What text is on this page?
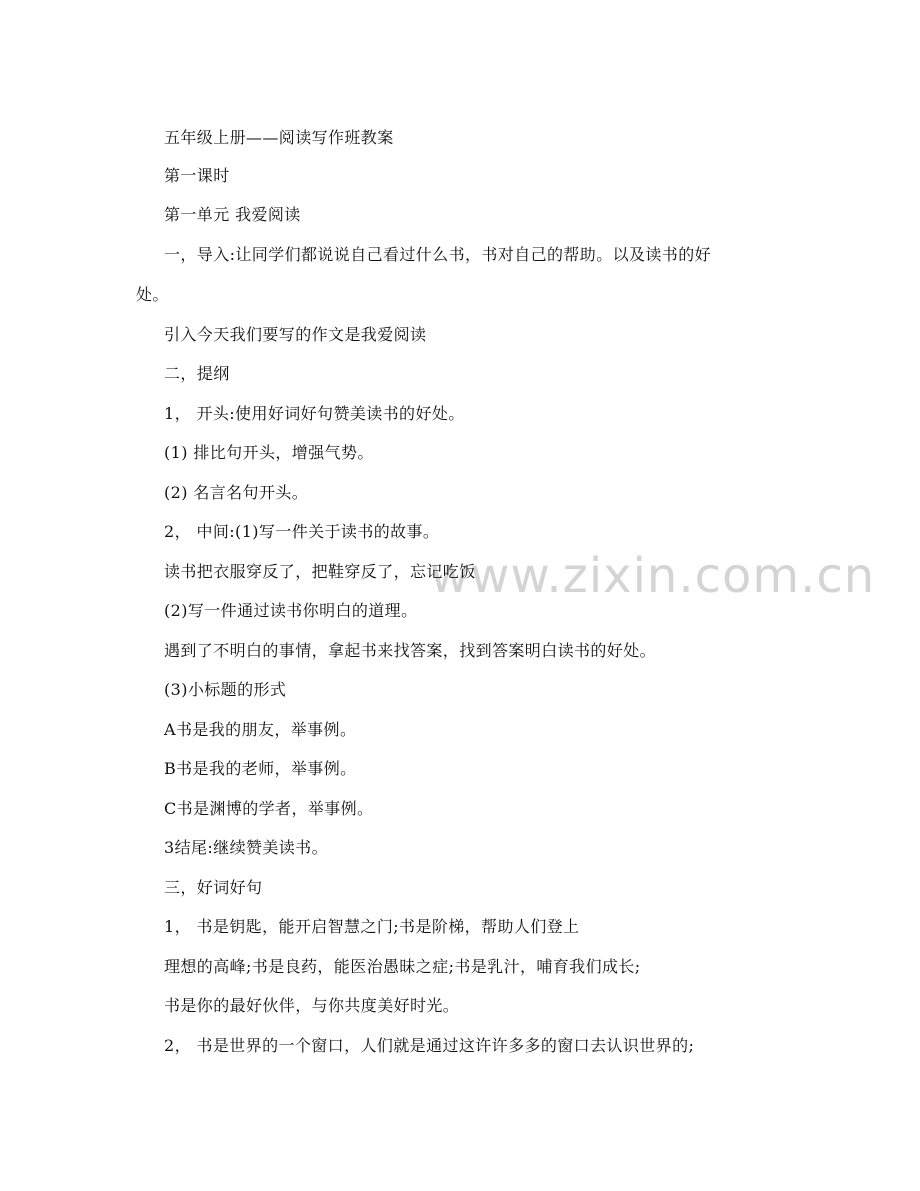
www.zixin.com.cn
五年级上册——阅读写作班教案
第一课时
第一单元 我爱阅读
一，导入:让同学们都说说自己看过什么书，书对自己的帮助。以及读书的好
处。
引入今天我们要写的作文是我爱阅读
二，提纲
1， 开头:使用好词好句赞美读书的好处。
(1) 排比句开头，增强气势。
(2) 名言名句开头。
2， 中间:(1)写一件关于读书的故事。
读书把衣服穿反了，把鞋穿反了，忘记吃饭
(2)写一件通过读书你明白的道理。
遇到了不明白的事情，拿起书来找答案，找到答案明白读书的好处。
(3)小标题的形式
A书是我的朋友，举事例。
B书是我的老师，举事例。
C书是渊博的学者，举事例。
3结尾:继续赞美读书。
三，好词好句
1， 书是钥匙，能开启智慧之门;书是阶梯，帮助人们登上
理想的高峰;书是良药，能医治愚昧之症;书是乳汁，哺育我们成长;
书是你的最好伙伴，与你共度美好时光。
2， 书是世界的一个窗口，人们就是通过这许许多多的窗口去认识世界的;
